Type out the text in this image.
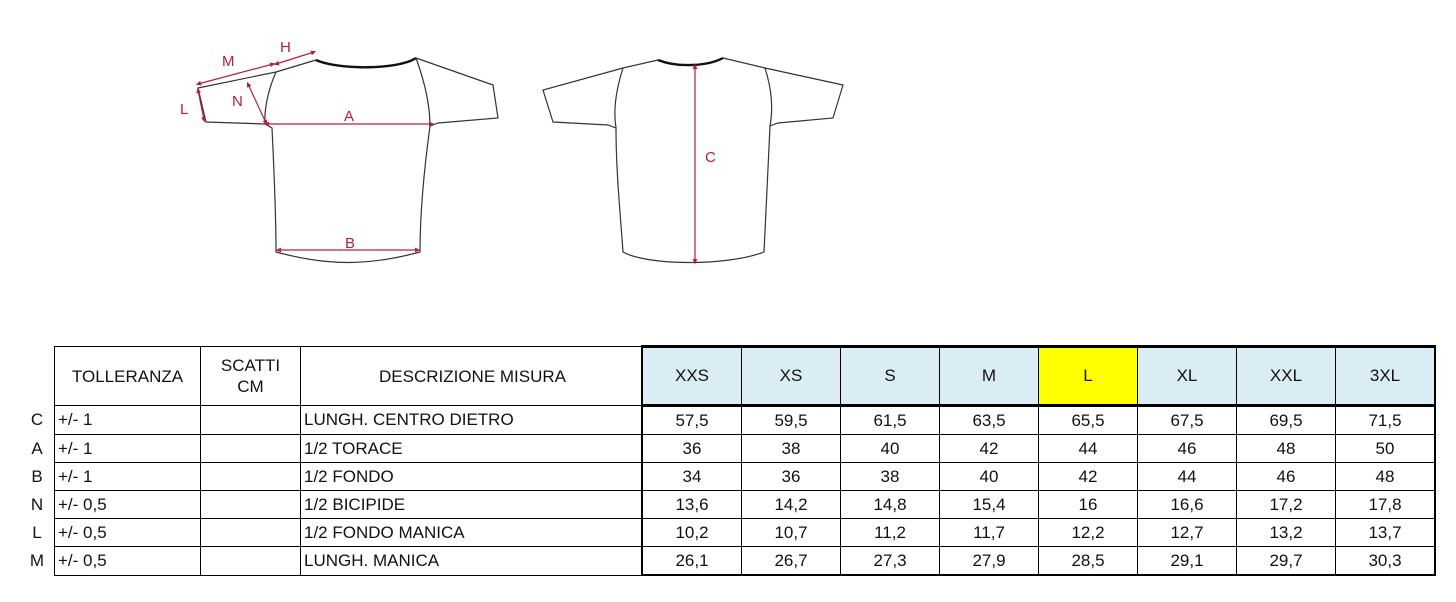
M
H
L	N
A
B
C
	TOLLERANZA	SCATTI
CM	DESCRIZIONE MISURA	XXS	XS	S	M	L	XL	XXL	3XL
C	+/- 1		LUNGH. CENTRO DIETRO	57,5	59,5	61,5	63,5	65,5	67,5	69,5	71,5
A	+/- 1		1/2 TORACE	36	38	40	42	44	46	48	50
B	+/- 1		1/2 FONDO	34	36	38	40	42	44	46	48
N	+/- 0,5		1/2 BICIPIDE	13,6	14,2	14,8	15,4	16	16,6	17,2	17,8
L	+/- 0,5		1/2 FONDO MANICA	10,2	10,7	11,2	11,7	12,2	12,7	13,2	13,7
M	+/- 0,5		LUNGH. MANICA	26,1	26,7	27,3	27,9	28,5	29,1	29,7	30,3
